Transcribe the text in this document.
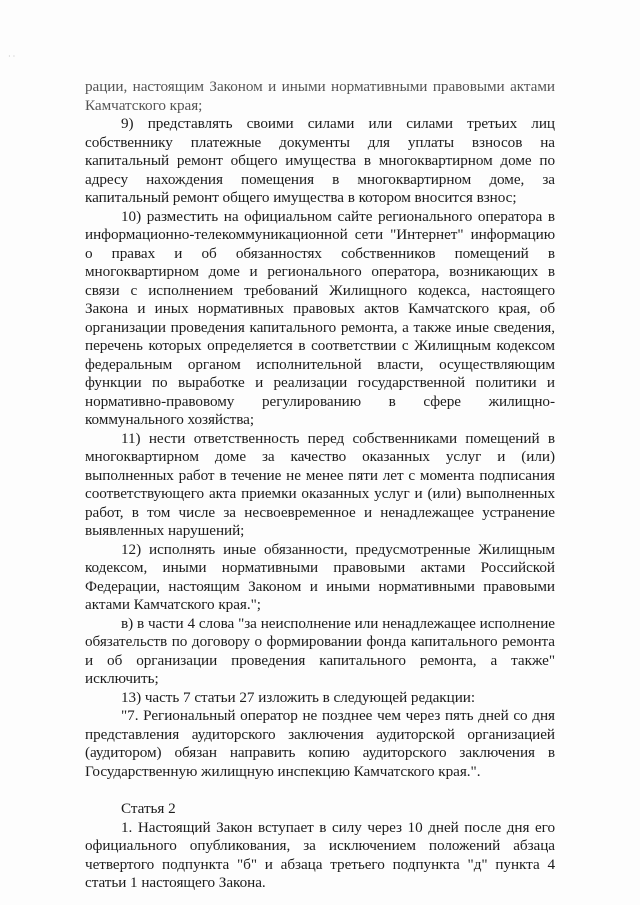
· ·

рации, настоящим Законом и иными нормативными правовыми актами Камчатского края;

9) представлять своими силами или силами третьих лиц собственнику платежные документы для уплаты взносов на капитальный ремонт общего имущества в многоквартирном доме по адресу нахождения помещения в многоквартирном доме, за капитальный ремонт общего имущества в котором вносится взнос;

10) разместить на официальном сайте регионального оператора в информационно-телекоммуникационной сети "Интернет" информацию о правах и об обязанностях собственников помещений в многоквартирном доме и регионального оператора, возникающих в связи с исполнением требований Жилищного кодекса, настоящего Закона и иных нормативных правовых актов Камчатского края, об организации проведения капитального ремонта, а также иные сведения, перечень которых определяется в соответствии с Жилищным кодексом федеральным органом исполнительной власти, осуществляющим функции по выработке и реализации государственной политики и нормативно-правовому регулированию в сфере жилищно-коммунального хозяйства;

11) нести ответственность перед собственниками помещений в многоквартирном доме за качество оказанных услуг и (или) выполненных работ в течение не менее пяти лет с момента подписания соответствующего акта приемки оказанных услуг и (или) выполненных работ, в том числе за несвоевременное и ненадлежащее устранение выявленных нарушений;

12) исполнять иные обязанности, предусмотренные Жилищным кодексом, иными нормативными правовыми актами Российской Федерации, настоящим Законом и иными нормативными правовыми актами Камчатского края.";

в) в части 4 слова "за неисполнение или ненадлежащее исполнение обязательств по договору о формировании фонда капитального ремонта и об организации проведения капитального ремонта, а также" исключить;

13) часть 7 статьи 27 изложить в следующей редакции:

"7. Региональный оператор не позднее чем через пять дней со дня представления аудиторского заключения аудиторской организацией (аудитором) обязан направить копию аудиторского заключения в Государственную жилищную инспекцию Камчатского края.".

Статья 2

1. Настоящий Закон вступает в силу через 10 дней после дня его официального опубликования, за исключением положений абзаца четвертого подпункта "б" и абзаца третьего подпункта "д" пункта 4 статьи 1 настоящего Закона.
